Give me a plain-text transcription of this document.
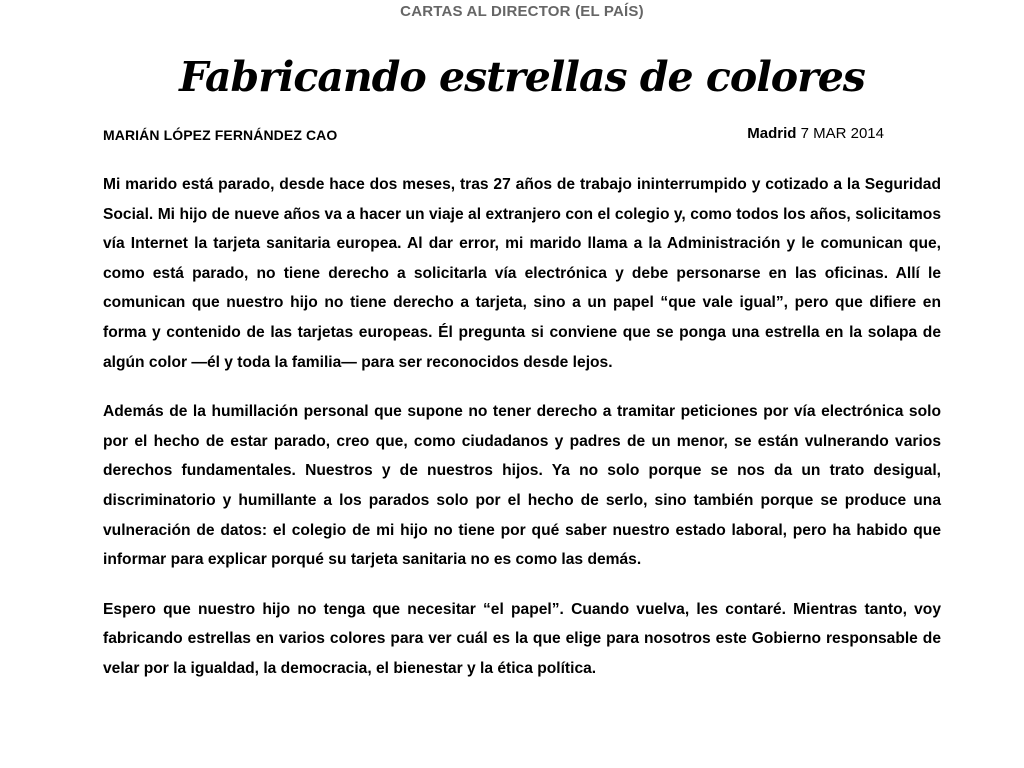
CARTAS AL DIRECTOR (EL PAÍS)
Fabricando estrellas de colores
MARIÁN LÓPEZ FERNÁNDEZ CAO	Madrid 7 MAR 2014

Mi marido está parado, desde hace dos meses, tras 27 años de trabajo ininterrumpido y cotizado a la Seguridad Social. Mi hijo de nueve años va a hacer un viaje al extranjero con el colegio y, como todos los años, solicitamos vía Internet la tarjeta sanitaria europea. Al dar error, mi marido llama a la Administración y le comunican que, como está parado, no tiene derecho a solicitarla vía electrónica y debe personarse en las oficinas. Allí le comunican que nuestro hijo no tiene derecho a tarjeta, sino a un papel “que vale igual”, pero que difiere en forma y contenido de las tarjetas europeas. Él pregunta si conviene que se ponga una estrella en la solapa de algún color —él y toda la familia— para ser reconocidos desde lejos.

Además de la humillación personal que supone no tener derecho a tramitar peticiones por vía electrónica solo por el hecho de estar parado, creo que, como ciudadanos y padres de un menor, se están vulnerando varios derechos fundamentales. Nuestros y de nuestros hijos. Ya no solo porque se nos da un trato desigual, discriminatorio y humillante a los parados solo por el hecho de serlo, sino también porque se produce una vulneración de datos: el colegio de mi hijo no tiene por qué saber nuestro estado laboral, pero ha habido que informar para explicar porqué su tarjeta sanitaria no es como las demás.

Espero que nuestro hijo no tenga que necesitar “el papel”. Cuando vuelva, les contaré. Mientras tanto, voy fabricando estrellas en varios colores para ver cuál es la que elige para nosotros este Gobierno responsable de velar por la igualdad, la democracia, el bienestar y la ética política.
